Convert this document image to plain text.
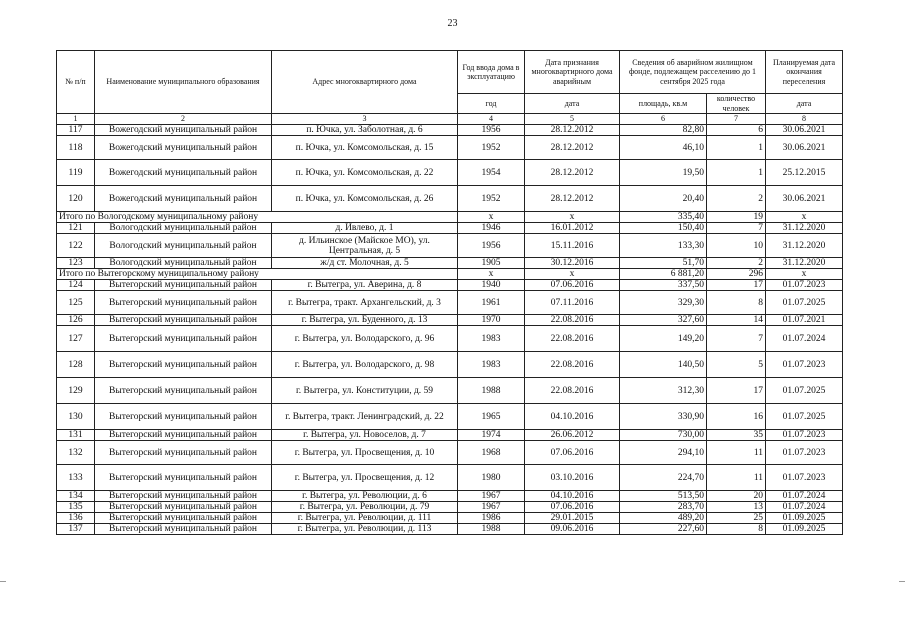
23
№ п/п	Наименование муниципального образования	Адрес многоквартирного дома	Год ввода дома в эксплуатацию	Дата признания многоквартирного дома аварийным	Сведения об аварийном жилищном фонде, подлежащем расселению до 1 сентября 2025 года		Планируемая дата окончания переселения
			год	дата	площадь, кв.м	количество человек	дата
1	2	3	4	5	6	7	8
117	Вожегодский муниципальный район	п. Ючка, ул. Заболотная, д. 6	1956	28.12.2012	82,80	6	30.06.2021
118	Вожегодский муниципальный район	п. Ючка, ул. Комсомольская, д. 15	1952	28.12.2012	46,10	1	30.06.2021
119	Вожегодский муниципальный район	п. Ючка, ул. Комсомольская, д. 22	1954	28.12.2012	19,50	1	25.12.2015
120	Вожегодский муниципальный район	п. Ючка, ул. Комсомольская, д. 26	1952	28.12.2012	20,40	2	30.06.2021
Итого по Вологодскому муниципальному району			х	х	335,40	19	х
121	Вологодский муниципальный район	д. Ивлево, д. 1	1946	16.01.2012	150,40	7	31.12.2020
122	Вологодский муниципальный район	д. Ильинское (Майское МО), ул. Центральная, д. 5	1956	15.11.2016	133,30	10	31.12.2020
123	Вологодский муниципальный район	ж/д ст. Молочная, д. 5	1905	30.12.2016	51,70	2	31.12.2020
Итого по Вытегорскому муниципальному району			х	х	6 881,20	296	х
124	Вытегорский муниципальный район	г. Вытегра, ул. Аверина, д. 8	1940	07.06.2016	337,50	17	01.07.2023
125	Вытегорский муниципальный район	г. Вытегра, тракт. Архангельский, д. 3	1961	07.11.2016	329,30	8	01.07.2025
126	Вытегорский муниципальный район	г. Вытегра, ул. Буденного, д. 13	1970	22.08.2016	327,60	14	01.07.2021
127	Вытегорский муниципальный район	г. Вытегра, ул. Володарского, д. 96	1983	22.08.2016	149,20	7	01.07.2024
128	Вытегорский муниципальный район	г. Вытегра, ул. Володарского, д. 98	1983	22.08.2016	140,50	5	01.07.2023
129	Вытегорский муниципальный район	г. Вытегра, ул. Конституции, д. 59	1988	22.08.2016	312,30	17	01.07.2025
130	Вытегорский муниципальный район	г. Вытегра, тракт. Ленинградский, д. 22	1965	04.10.2016	330,90	16	01.07.2025
131	Вытегорский муниципальный район	г. Вытегра, ул. Новоселов, д. 7	1974	26.06.2012	730,00	35	01.07.2023
132	Вытегорский муниципальный район	г. Вытегра, ул. Просвещения, д. 10	1968	07.06.2016	294,10	11	01.07.2023
133	Вытегорский муниципальный район	г. Вытегра, ул. Просвещения, д. 12	1980	03.10.2016	224,70	11	01.07.2023
134	Вытегорский муниципальный район	г. Вытегра, ул. Революции, д. 6	1967	04.10.2016	513,50	20	01.07.2024
135	Вытегорский муниципальный район	г. Вытегра, ул. Революции, д. 79	1967	07.06.2016	283,70	13	01.07.2024
136	Вытегорский муниципальный район	г. Вытегра, ул. Революции, д. 111	1986	29.01.2015	489,20	25	01.09.2025
137	Вытегорский муниципальный район	г. Вытегра, ул. Революции, д. 113	1988	09.06.2016	227,60	8	01.09.2025
